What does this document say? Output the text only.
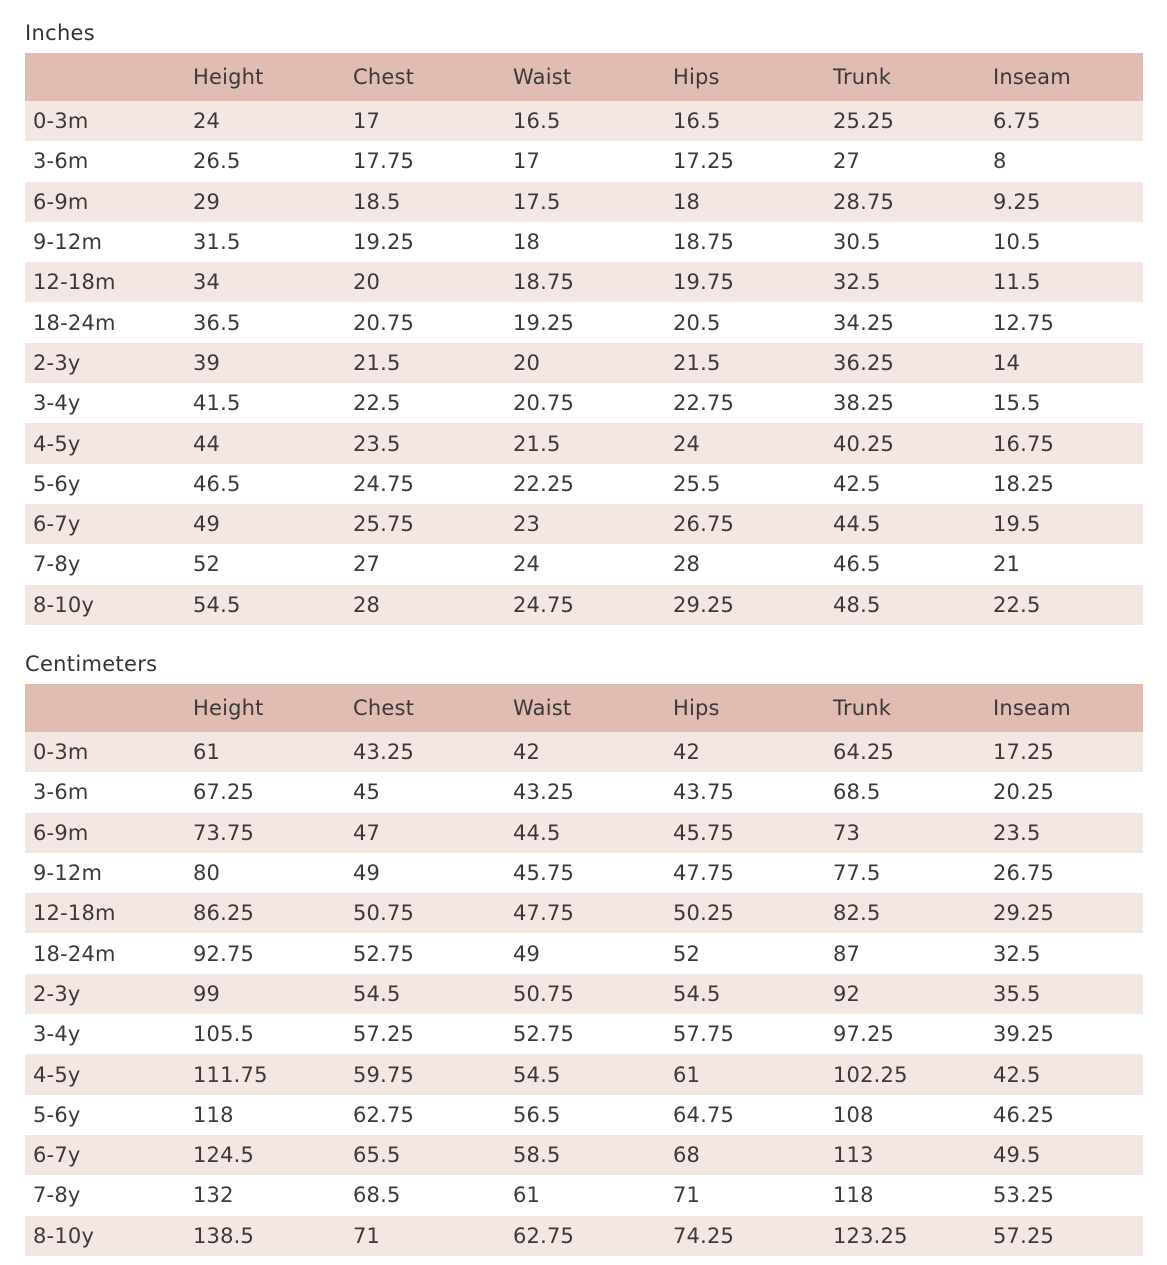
Inches
	Height	Chest	Waist	Hips	Trunk	Inseam
0-3m	24	17	16.5	16.5	25.25	6.75
3-6m	26.5	17.75	17	17.25	27	8
6-9m	29	18.5	17.5	18	28.75	9.25
9-12m	31.5	19.25	18	18.75	30.5	10.5
12-18m	34	20	18.75	19.75	32.5	11.5
18-24m	36.5	20.75	19.25	20.5	34.25	12.75
2-3y	39	21.5	20	21.5	36.25	14
3-4y	41.5	22.5	20.75	22.75	38.25	15.5
4-5y	44	23.5	21.5	24	40.25	16.75
5-6y	46.5	24.75	22.25	25.5	42.5	18.25
6-7y	49	25.75	23	26.75	44.5	19.5
7-8y	52	27	24	28	46.5	21
8-10y	54.5	28	24.75	29.25	48.5	22.5
Centimeters
	Height	Chest	Waist	Hips	Trunk	Inseam
0-3m	61	43.25	42	42	64.25	17.25
3-6m	67.25	45	43.25	43.75	68.5	20.25
6-9m	73.75	47	44.5	45.75	73	23.5
9-12m	80	49	45.75	47.75	77.5	26.75
12-18m	86.25	50.75	47.75	50.25	82.5	29.25
18-24m	92.75	52.75	49	52	87	32.5
2-3y	99	54.5	50.75	54.5	92	35.5
3-4y	105.5	57.25	52.75	57.75	97.25	39.25
4-5y	111.75	59.75	54.5	61	102.25	42.5
5-6y	118	62.75	56.5	64.75	108	46.25
6-7y	124.5	65.5	58.5	68	113	49.5
7-8y	132	68.5	61	71	118	53.25
8-10y	138.5	71	62.75	74.25	123.25	57.25
